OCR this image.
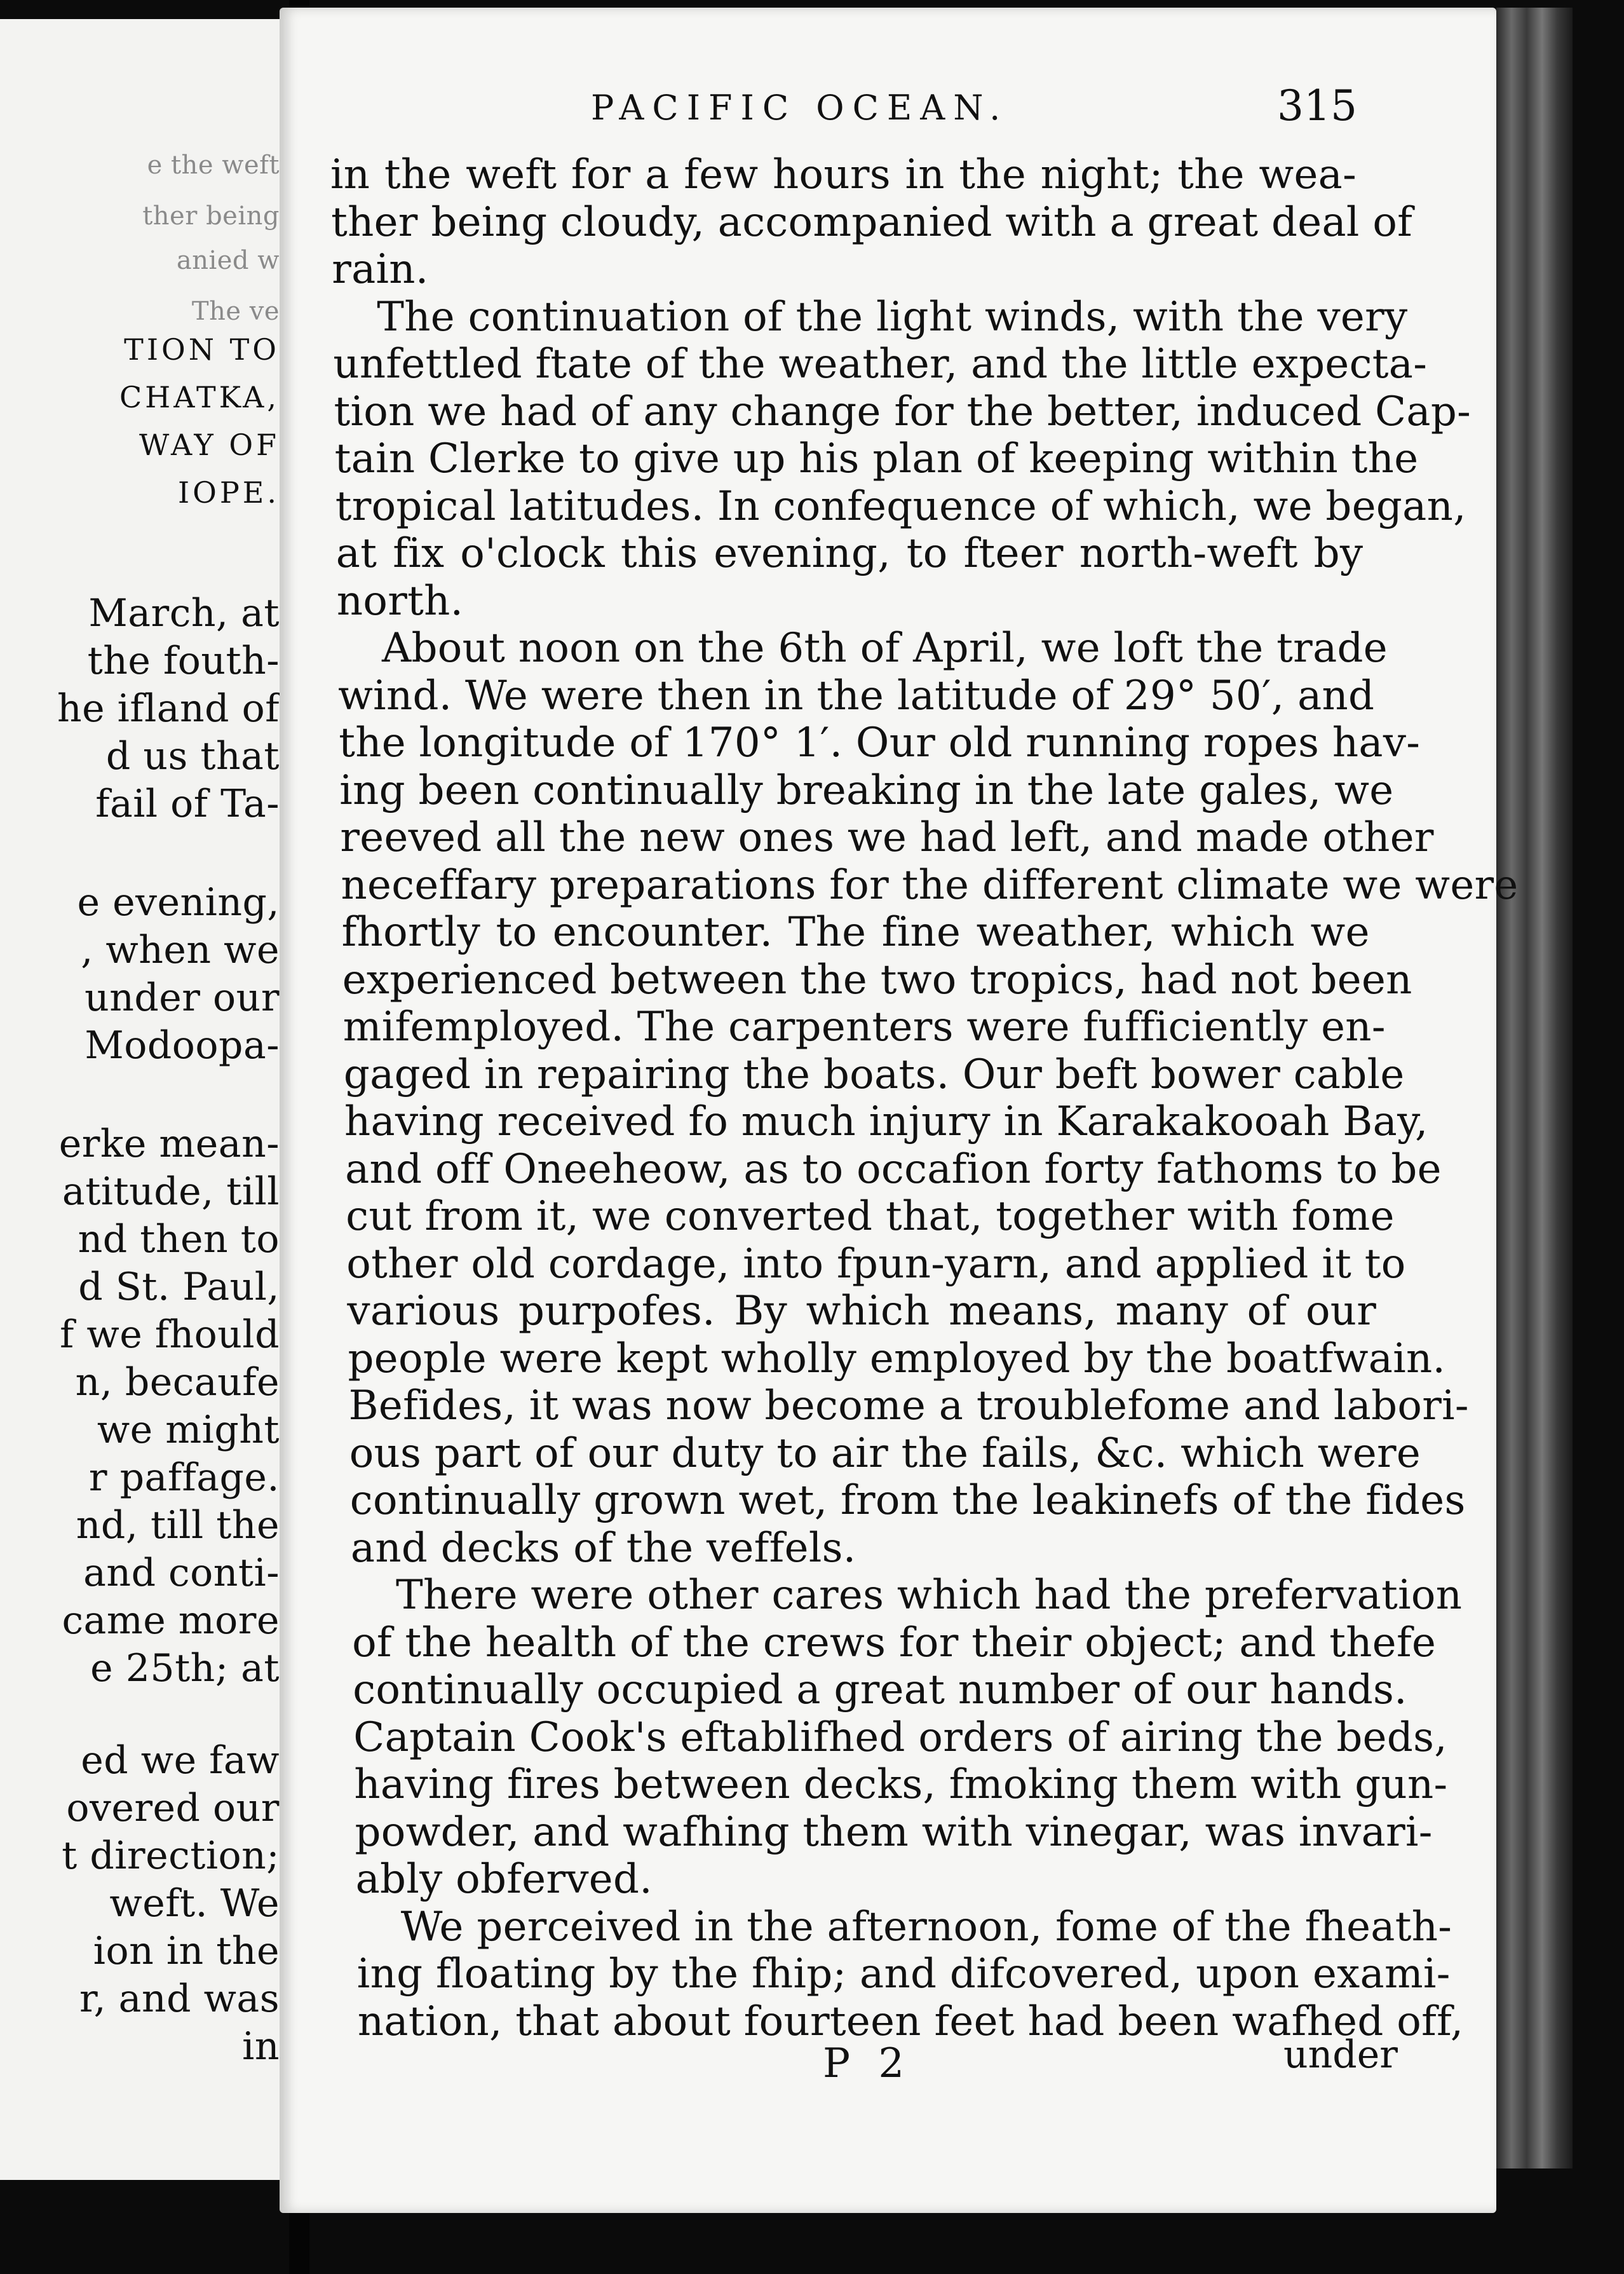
e the weft
ther being
anied w
The ve
TION TO
CHATKA,
WAY OF
IOPE.
March, at
the fouth-
he ifland of
d us that
fail of Ta-
e evening,
, when we
under our
Modoopa-
erke mean-
atitude, till
nd then to
d St. Paul,
f we fhould
n, becaufe
we might
r paffage.
nd, till the
and conti-
came more
e 25th; at
ed we faw
overed our
t direction;
weft. We
ion in the
r, and was
in
PACIFIC OCEAN.	315
in the weft for a few hours in the night; the wea-
ther being cloudy, accompanied with a great deal of
rain.
The continuation of the light winds, with the very
unfettled ftate of the weather, and the little expecta-
tion we had of any change for the better, induced Cap-
tain Clerke to give up his plan of keeping within the
tropical latitudes. In confequence of which, we began,
at fix o'clock this evening, to fteer north-weft by
north.
About noon on the 6th of April, we loft the trade
wind. We were then in the latitude of 29° 50′, and
the longitude of 170° 1′. Our old running ropes hav-
ing been continually breaking in the late gales, we
reeved all the new ones we had left, and made other
neceffary preparations for the different climate we were
fhortly to encounter. The fine weather, which we
experienced between the two tropics, had not been
mifemployed. The carpenters were fufficiently en-
gaged in repairing the boats. Our beft bower cable
having received fo much injury in Karakakooah Bay,
and off Oneeheow, as to occafion forty fathoms to be
cut from it, we converted that, together with fome
other old cordage, into fpun-yarn, and applied it to
various purpofes. By which means, many of our
people were kept wholly employed by the boatfwain.
Befides, it was now become a troublefome and labori-
ous part of our duty to air the fails, &c. which were
continually grown wet, from the leakinefs of the fides
and decks of the veffels.
There were other cares which had the prefervation
of the health of the crews for their object; and thefe
continually occupied a great number of our hands.
Captain Cook's eftablifhed orders of airing the beds,
having fires between decks, fmoking them with gun-
powder, and wafhing them with vinegar, was invari-
ably obferved.
We perceived in the afternoon, fome of the fheath-
ing floating by the fhip; and difcovered, upon exami-
nation, that about fourteen feet had been wafhed off,
P 2	under
